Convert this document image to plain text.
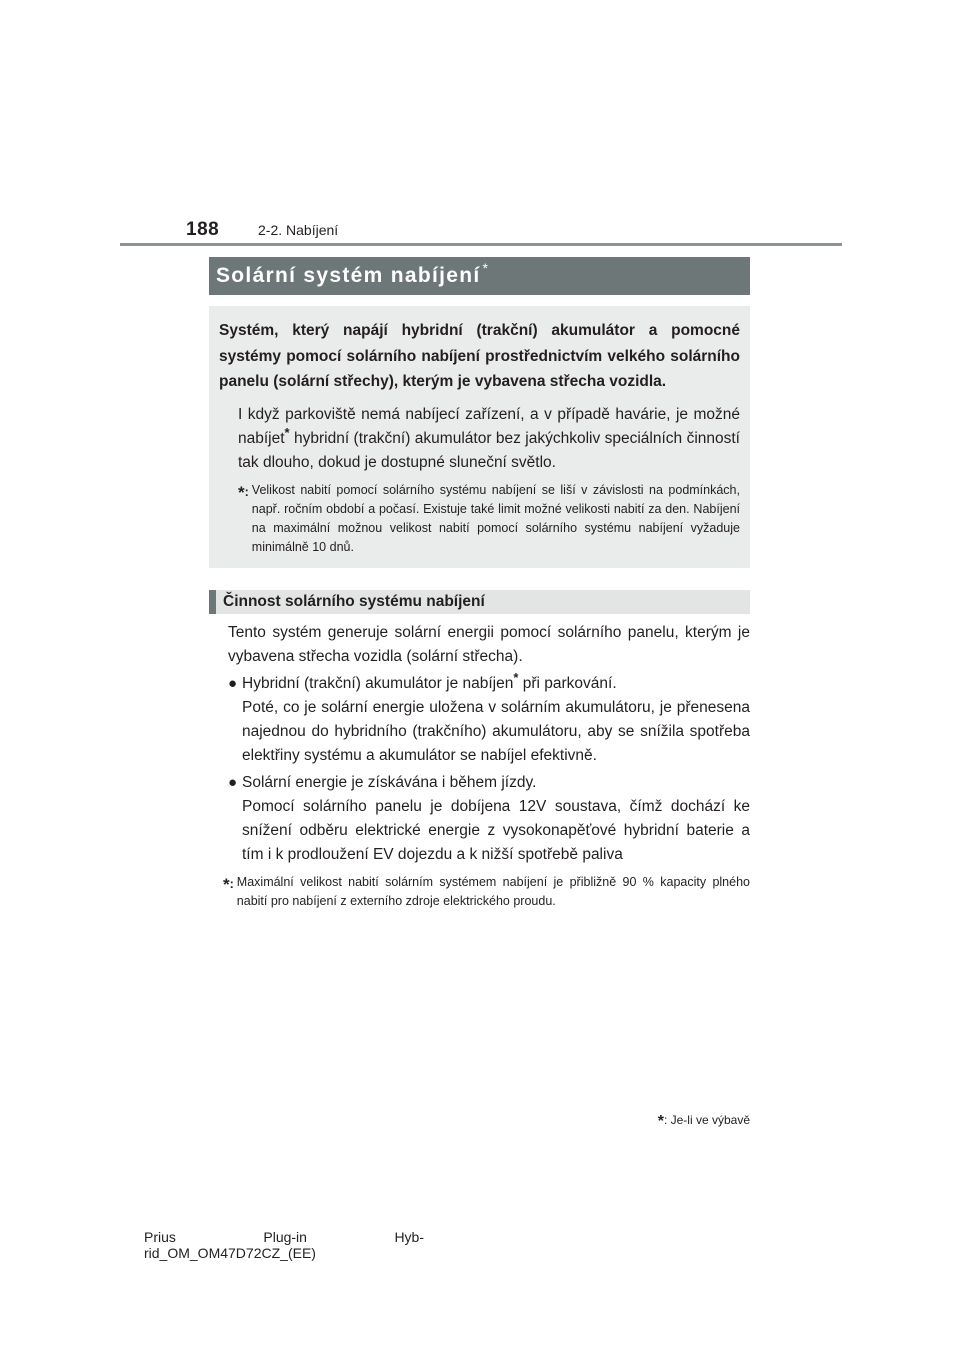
188	2-2. Nabíjení
Solární systém nabíjení *

Systém, který napájí hybridní (trakční) akumulátor a pomocné systémy pomocí solárního nabíjení prostřednictvím velkého solárního panelu (solární střechy), kterým je vybavena střecha vozidla.

I když parkoviště nemá nabíjecí zařízení, a v případě havárie, je možné nabíjet* hybridní (trakční) akumulátor bez jakýchkoliv speciálních činností tak dlouho, dokud je dostupné sluneční světlo.

*: Velikost nabití pomocí solárního systému nabíjení se liší v závislosti na podmínkách, např. ročním období a počasí. Existuje také limit možné velikosti nabití za den. Nabíjení na maximální možnou velikost nabití pomocí solárního systému nabíjení vyžaduje minimálně 10 dnů.
Činnost solárního systému nabíjení

Tento systém generuje solární energii pomocí solárního panelu, kterým je vybavena střecha vozidla (solární střecha).

● Hybridní (trakční) akumulátor je nabíjen* při parkování.

Poté, co je solární energie uložena v solárním akumulátoru, je přenesena najednou do hybridního (trakčního) akumulátoru, aby se snížila spotřeba elektřiny systému a akumulátor se nabíjel efektivně.

● Solární energie je získávána i během jízdy.

Pomocí solárního panelu je dobíjena 12V soustava, čímž dochází ke snížení odběru elektrické energie z vysokonapěťové hybridní baterie a tím i k prodloužení EV dojezdu a k nižší spotřebě paliva

*: Maximální velikost nabití solárním systémem nabíjení je přibližně 90 % kapacity plného nabití pro nabíjení z externího zdroje elektrického proudu.
*: Je-li ve výbavě
Prius	Plug-in	Hyb-
rid_OM_OM47D72CZ_(EE)
